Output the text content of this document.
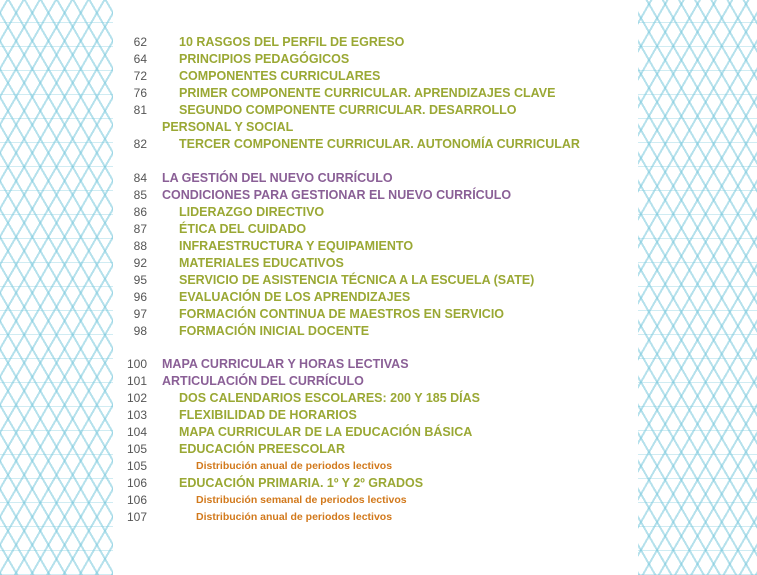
62	10 RASGOS DEL PERFIL DE EGRESO
64	PRINCIPIOS PEDAGÓGICOS
72	COMPONENTES CURRICULARES
76	PRIMER COMPONENTE CURRICULAR. APRENDIZAJES CLAVE
81	SEGUNDO COMPONENTE CURRICULAR. DESARROLLO
PERSONAL Y SOCIAL
82	TERCER COMPONENTE CURRICULAR. AUTONOMÍA CURRICULAR
84 LA GESTIÓN DEL NUEVO CURRÍCULO
85 CONDICIONES PARA GESTIONAR EL NUEVO CURRÍCULO
86	LIDERAZGO DIRECTIVO
87	ÉTICA DEL CUIDADO
88	INFRAESTRUCTURA Y EQUIPAMIENTO
92	MATERIALES EDUCATIVOS
95	SERVICIO DE ASISTENCIA TÉCNICA A LA ESCUELA (SATE)
96	EVALUACIÓN DE LOS APRENDIZAJES
97	FORMACIÓN CONTINUA DE MAESTROS EN SERVICIO
98	FORMACIÓN INICIAL DOCENTE
100 MAPA CURRICULAR Y HORAS LECTIVAS
101 ARTICULACIÓN DEL CURRÍCULO
102	DOS CALENDARIOS ESCOLARES: 200 Y 185 DÍAS
103	FLEXIBILIDAD DE HORARIOS
104	MAPA CURRICULAR DE LA EDUCACIÓN BÁSICA
105	EDUCACIÓN PREESCOLAR
105	Distribución anual de periodos lectivos
106	EDUCACIÓN PRIMARIA. 1º Y 2º GRADOS
106	Distribución semanal de periodos lectivos
107	Distribución anual de periodos lectivos
